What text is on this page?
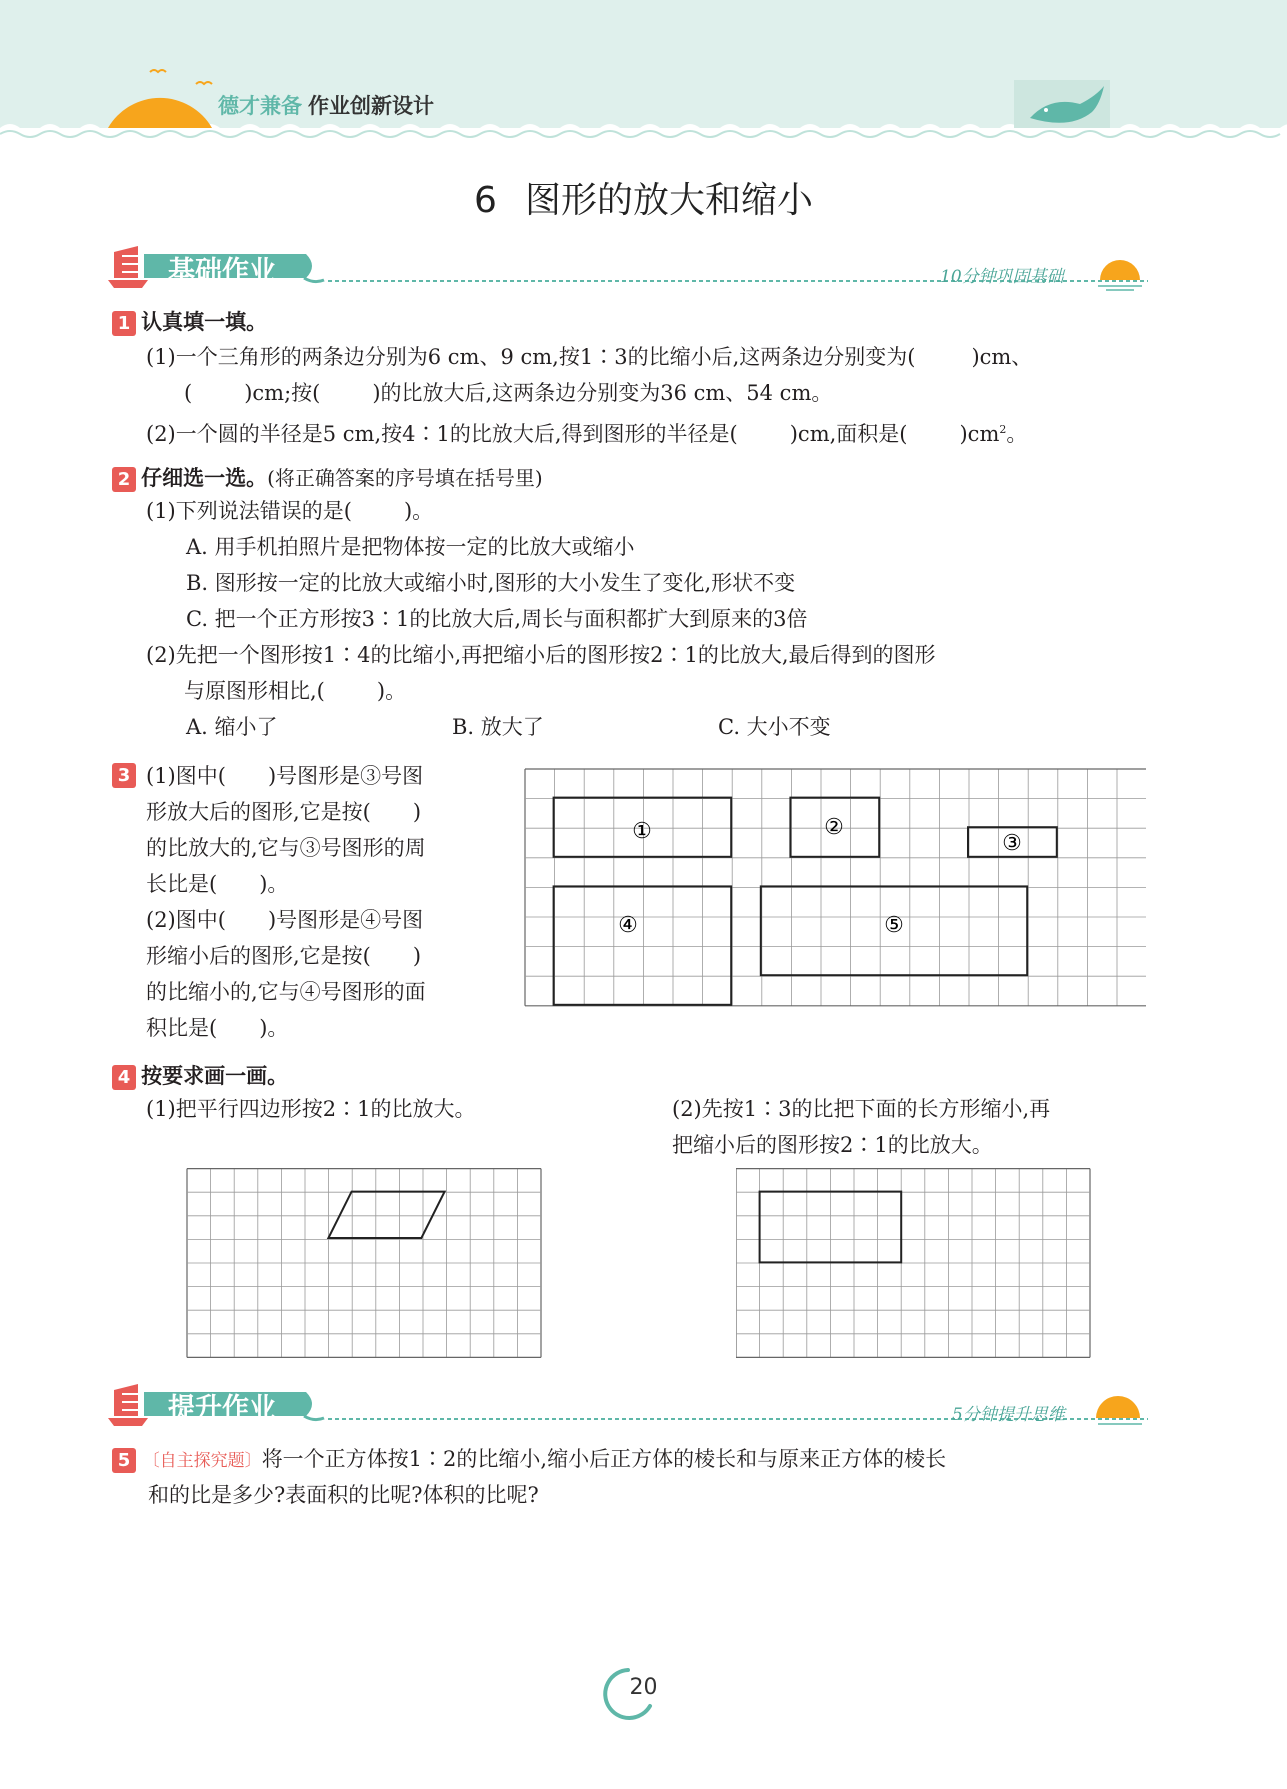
德才兼备 作业创新设计
6 图形的放大和缩小
基础作业	10分钟巩固基础
1 认真填一填。
(1)一个三角形的两条边分别为6 cm、9 cm,按1∶3的比缩小后,这两条边分别变为(	)cm、
( )cm;按( )的比放大后,这两条边分别变为36 cm、54 cm。
(2)一个圆的半径是5 cm,按4∶1的比放大后,得到图形的半径是( )cm,面积是( )$cm^2$。
2 仔细选一选。(将正确答案的序号填在括号里)
(1)下列说法错误的是( )。
A. 用手机拍照片是把物体按一定的比放大或缩小
B. 图形按一定的比放大或缩小时,图形的大小发生了变化,形状不变
C. 把一个正方形按3∶1的比放大后,周长与面积都扩大到原来的3倍
(2)先把一个图形按1∶4的比缩小,再把缩小后的图形按2∶1的比放大,最后得到的图形
与原图形相比,( )。
A. 缩小了	B. 放大了	C. 大小不变
3 (1)图中(　　)号图形是③号图
形放大后的图形,它是按(　　)
的比放大的,它与③号图形的周
长比是(　　)。
(2)图中(　　)号图形是④号图
形缩小后的图形,它是按(　　)
的比缩小的,它与④号图形的面
积比是(　　)。
①	②
③
④	⑤
4 按要求画一画。
(1)把平行四边形按2∶1的比放大。	(2)先按1∶3的比把下面的长方形缩小,再
把缩小后的图形按2∶1的比放大。
提升作业	5分钟提升思维
5 〔自主探究题〕将一个正方体按1∶2的比缩小,缩小后正方体的棱长和与原来正方体的棱长
和的比是多少?表面积的比呢?体积的比呢?
20
